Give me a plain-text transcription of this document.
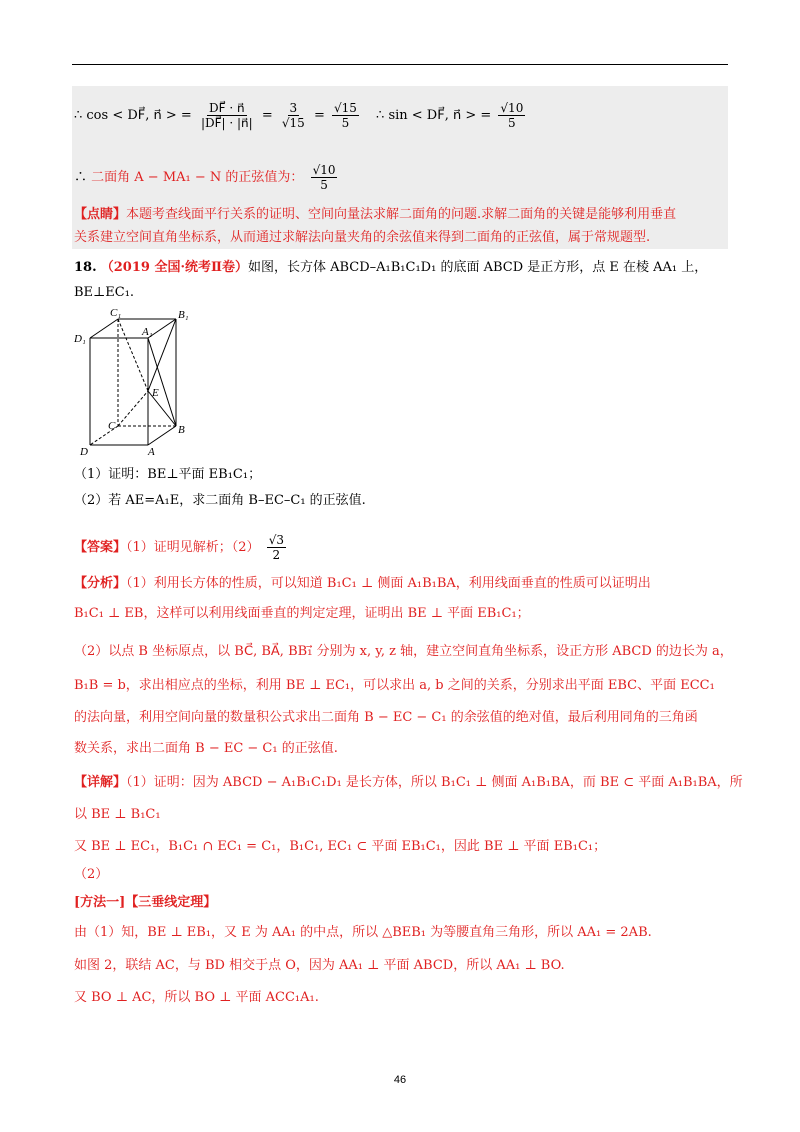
∴ cos < DF⃗, n⃗ > = $\frac{DF⃗ \cdot n⃗}{|DF⃗| \cdot |n⃗|} = \frac{3}{√15} = \frac{√15}{5}$ ∴ sin < DF⃗, n⃗ > = $\frac{√10}{5}$
∴ 二面角 A − MA₁ − N 的正弦值为： $\frac{√10}{5}$
【点睛】本题考查线面平行关系的证明、空间向量法求解二面角的问题.求解二面角的关键是能够利用垂直
关系建立空间直角坐标系，从而通过求解法向量夹角的余弦值来得到二面角的正弦值，属于常规题型.
18. （2019 全国·统考Ⅱ卷）如图，长方体 ABCD–A₁B₁C₁D₁ 的底面 ABCD 是正方形，点 E 在棱 AA₁ 上，
BE⊥EC₁.
C₁
A₁
B₁
D₁
E
C	B
D	A
（1）证明：BE⊥平面 EB₁C₁；
（2）若 AE=A₁E，求二面角 B–EC–C₁ 的正弦值.
【答案】（1）证明见解析；$(2) \frac{√3}{2}$
【分析】（1）利用长方体的性质，可以知道 B₁C₁ ⊥ 侧面 A₁B₁BA，利用线面垂直的性质可以证明出
B₁C₁ ⊥ EB，这样可以利用线面垂直的判定定理，证明出 BE ⊥ 平面 EB₁C₁；
（2）以点 B 坐标原点，以 BC⃗, BA⃗, BB₁⃗ 分别为 x, y, z 轴，建立空间直角坐标系，设正方形 ABCD 的边长为 a，
B₁B = b，求出相应点的坐标，利用 BE ⊥ EC₁，可以求出 a, b 之间的关系，分别求出平面 EBC、平面 ECC₁
的法向量，利用空间向量的数量积公式求出二面角 B − EC − C₁ 的余弦值的绝对值，最后利用同角的三角函
数关系，求出二面角 B − EC − C₁ 的正弦值.
【详解】（1）证明：因为 ABCD − A₁B₁C₁D₁ 是长方体，所以 B₁C₁ ⊥ 侧面 A₁B₁BA，而 BE ⊂ 平面 A₁B₁BA，所
以 BE ⊥ B₁C₁
又 BE ⊥ EC₁，B₁C₁ ∩ EC₁ = C₁，B₁C₁, EC₁ ⊂ 平面 EB₁C₁，因此 BE ⊥ 平面 EB₁C₁；
（2）
[方法一]【三垂线定理】
由（1）知，BE ⊥ EB₁，又 E 为 AA₁ 的中点，所以 △BEB₁ 为等腰直角三角形，所以 AA₁ = 2AB.
如图 2，联结 AC，与 BD 相交于点 O，因为 AA₁ ⊥ 平面 ABCD，所以 AA₁ ⊥ BO.
又 BO ⊥ AC，所以 BO ⊥ 平面 ACC₁A₁.
46
